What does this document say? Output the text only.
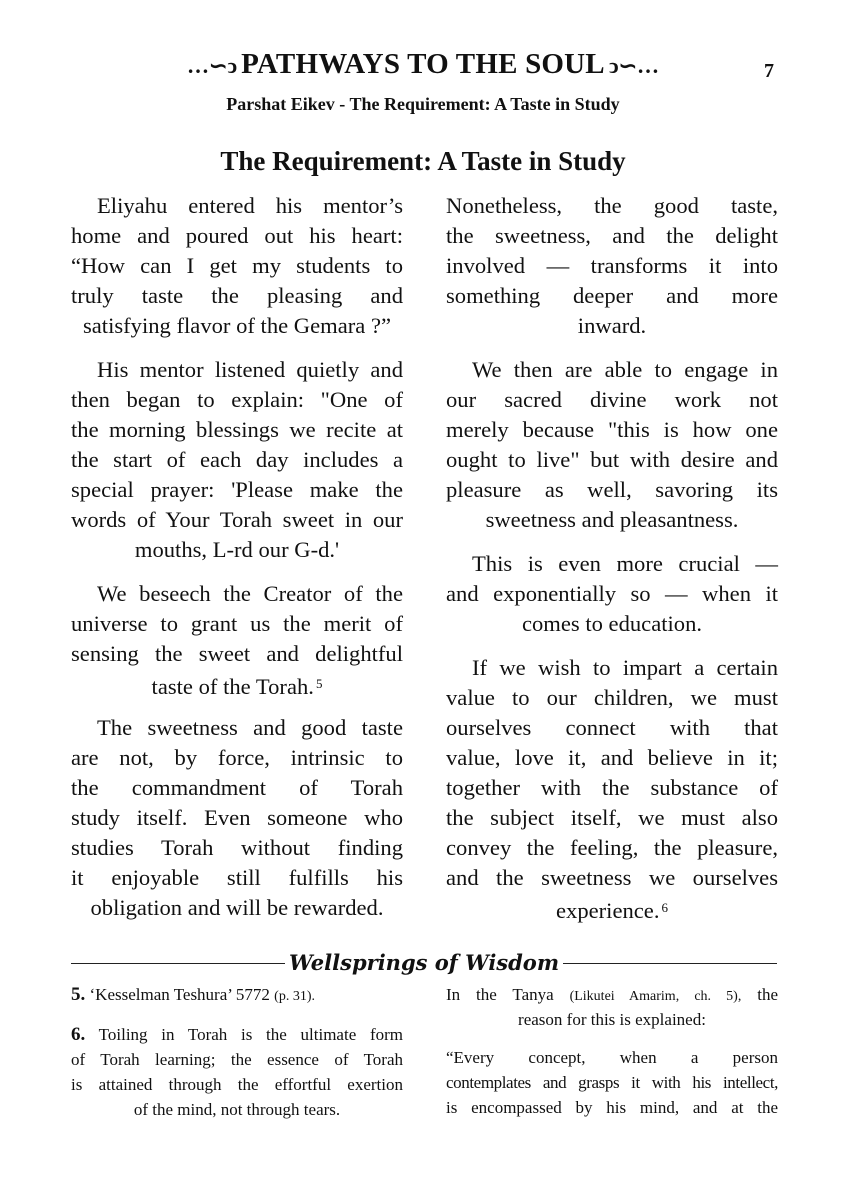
…∽ↄ PATHWAYS TO THE SOUL ↄ∽…	7
Parshat Eikev - The Requirement: A Taste in Study
The Requirement: A Taste in Study
Eliyahu entered his mentor’s
home and poured out his heart:
“How can I get my students to
truly taste the pleasing and
satisfying flavor of the Gemara ?”
His mentor listened quietly and
then began to explain: "One of
the morning blessings we recite at
the start of each day includes a
special prayer: 'Please make the
words of Your Torah sweet in our
mouths, L-rd our G-d.'
We beseech the Creator of the
universe to grant us the merit of
sensing the sweet and delightful
taste of the Torah. $^5$
The sweetness and good taste
are not, by force, intrinsic to
the commandment of Torah
study itself. Even someone who
studies Torah without finding
it enjoyable still fulfills his
obligation and will be rewarded.
Nonetheless, the good taste,
the sweetness, and the delight
involved — transforms it into
something deeper and more
inward.
We then are able to engage in
our sacred divine work not
merely because "this is how one
ought to live" but with desire and
pleasure as well, savoring its
sweetness and pleasantness.
This is even more crucial —
and exponentially so — when it
comes to education.
If we wish to impart a certain
value to our children, we must
ourselves connect with that
value, love it, and believe in it;
together with the substance of
the subject itself, we must also
convey the feeling, the pleasure,
and the sweetness we ourselves
experience. $^6$
Wellsprings of Wisdom
5. ‘Kesselman Teshura’ 5772 (p. 31).
6. Toiling in Torah is the ultimate form
of Torah learning; the essence of Torah
is attained through the effortful exertion
of the mind, not through tears.
In the Tanya (Likutei Amarim, ch. 5), the
reason for this is explained:
“Every concept, when a person
contemplates and grasps it with his intellect,
is encompassed by his mind, and at the
